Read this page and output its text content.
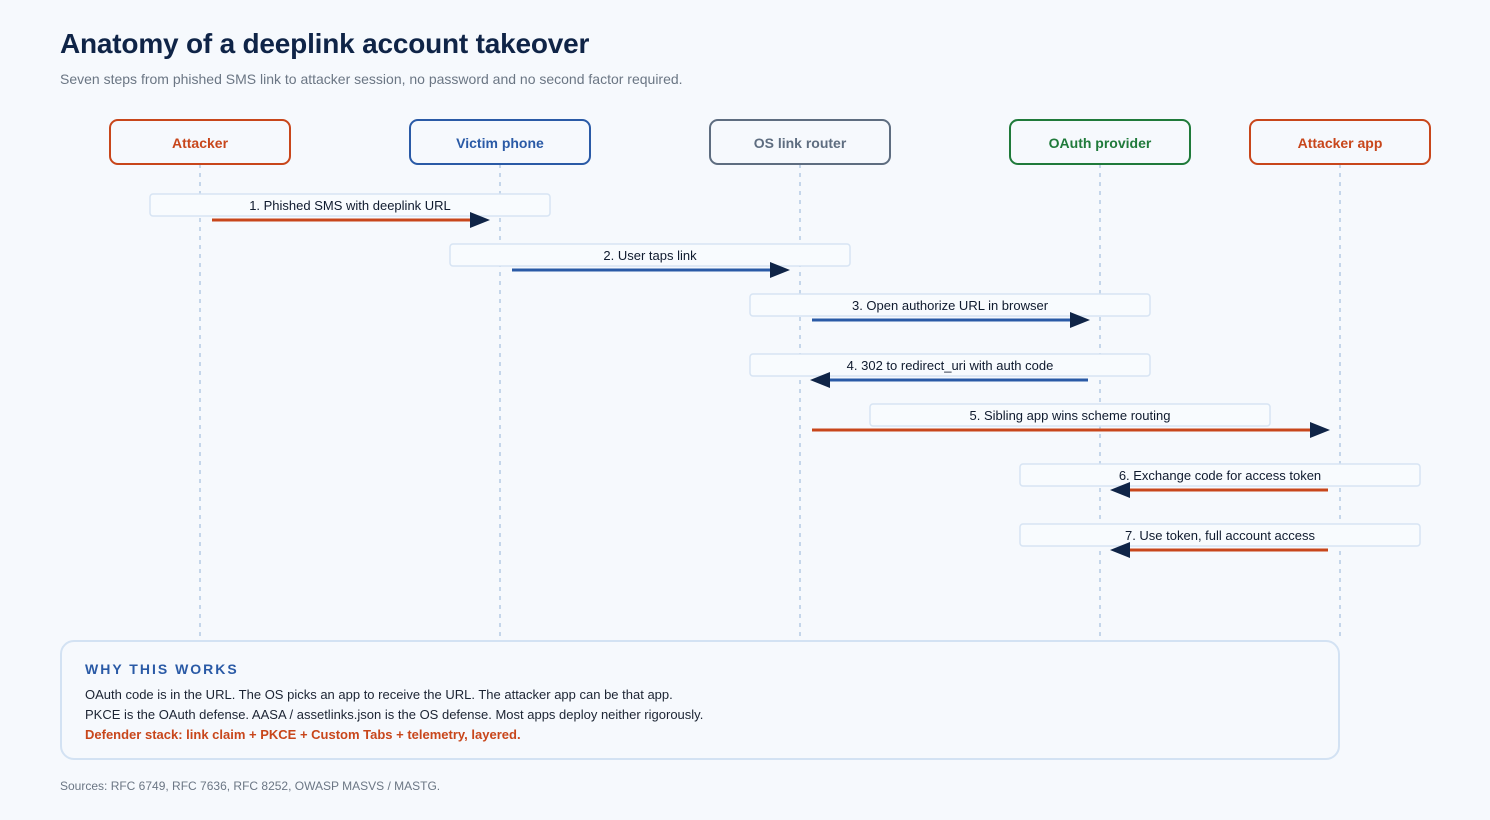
Anatomy of a deeplink account takeover

Seven steps from phished SMS link to attacker session, no password and no second factor required.

Attacker	Victim phone	OS link router	OAuth provider	Attacker app
1. Phished SMS with deeplink URL
2. User taps link
3. Open authorize URL in browser
4. 302 to redirect_uri with auth code
5. Sibling app wins scheme routing
6. Exchange code for access token
7. Use token, full account access

WHY THIS WORKS

OAuth code is in the URL. The OS picks an app to receive the URL. The attacker app can be that app.

PKCE is the OAuth defense. AASA / assetlinks.json is the OS defense. Most apps deploy neither rigorously.

Defender stack: link claim + PKCE + Custom Tabs + telemetry, layered.

Sources: RFC 6749, RFC 7636, RFC 8252, OWASP MASVS / MASTG.
